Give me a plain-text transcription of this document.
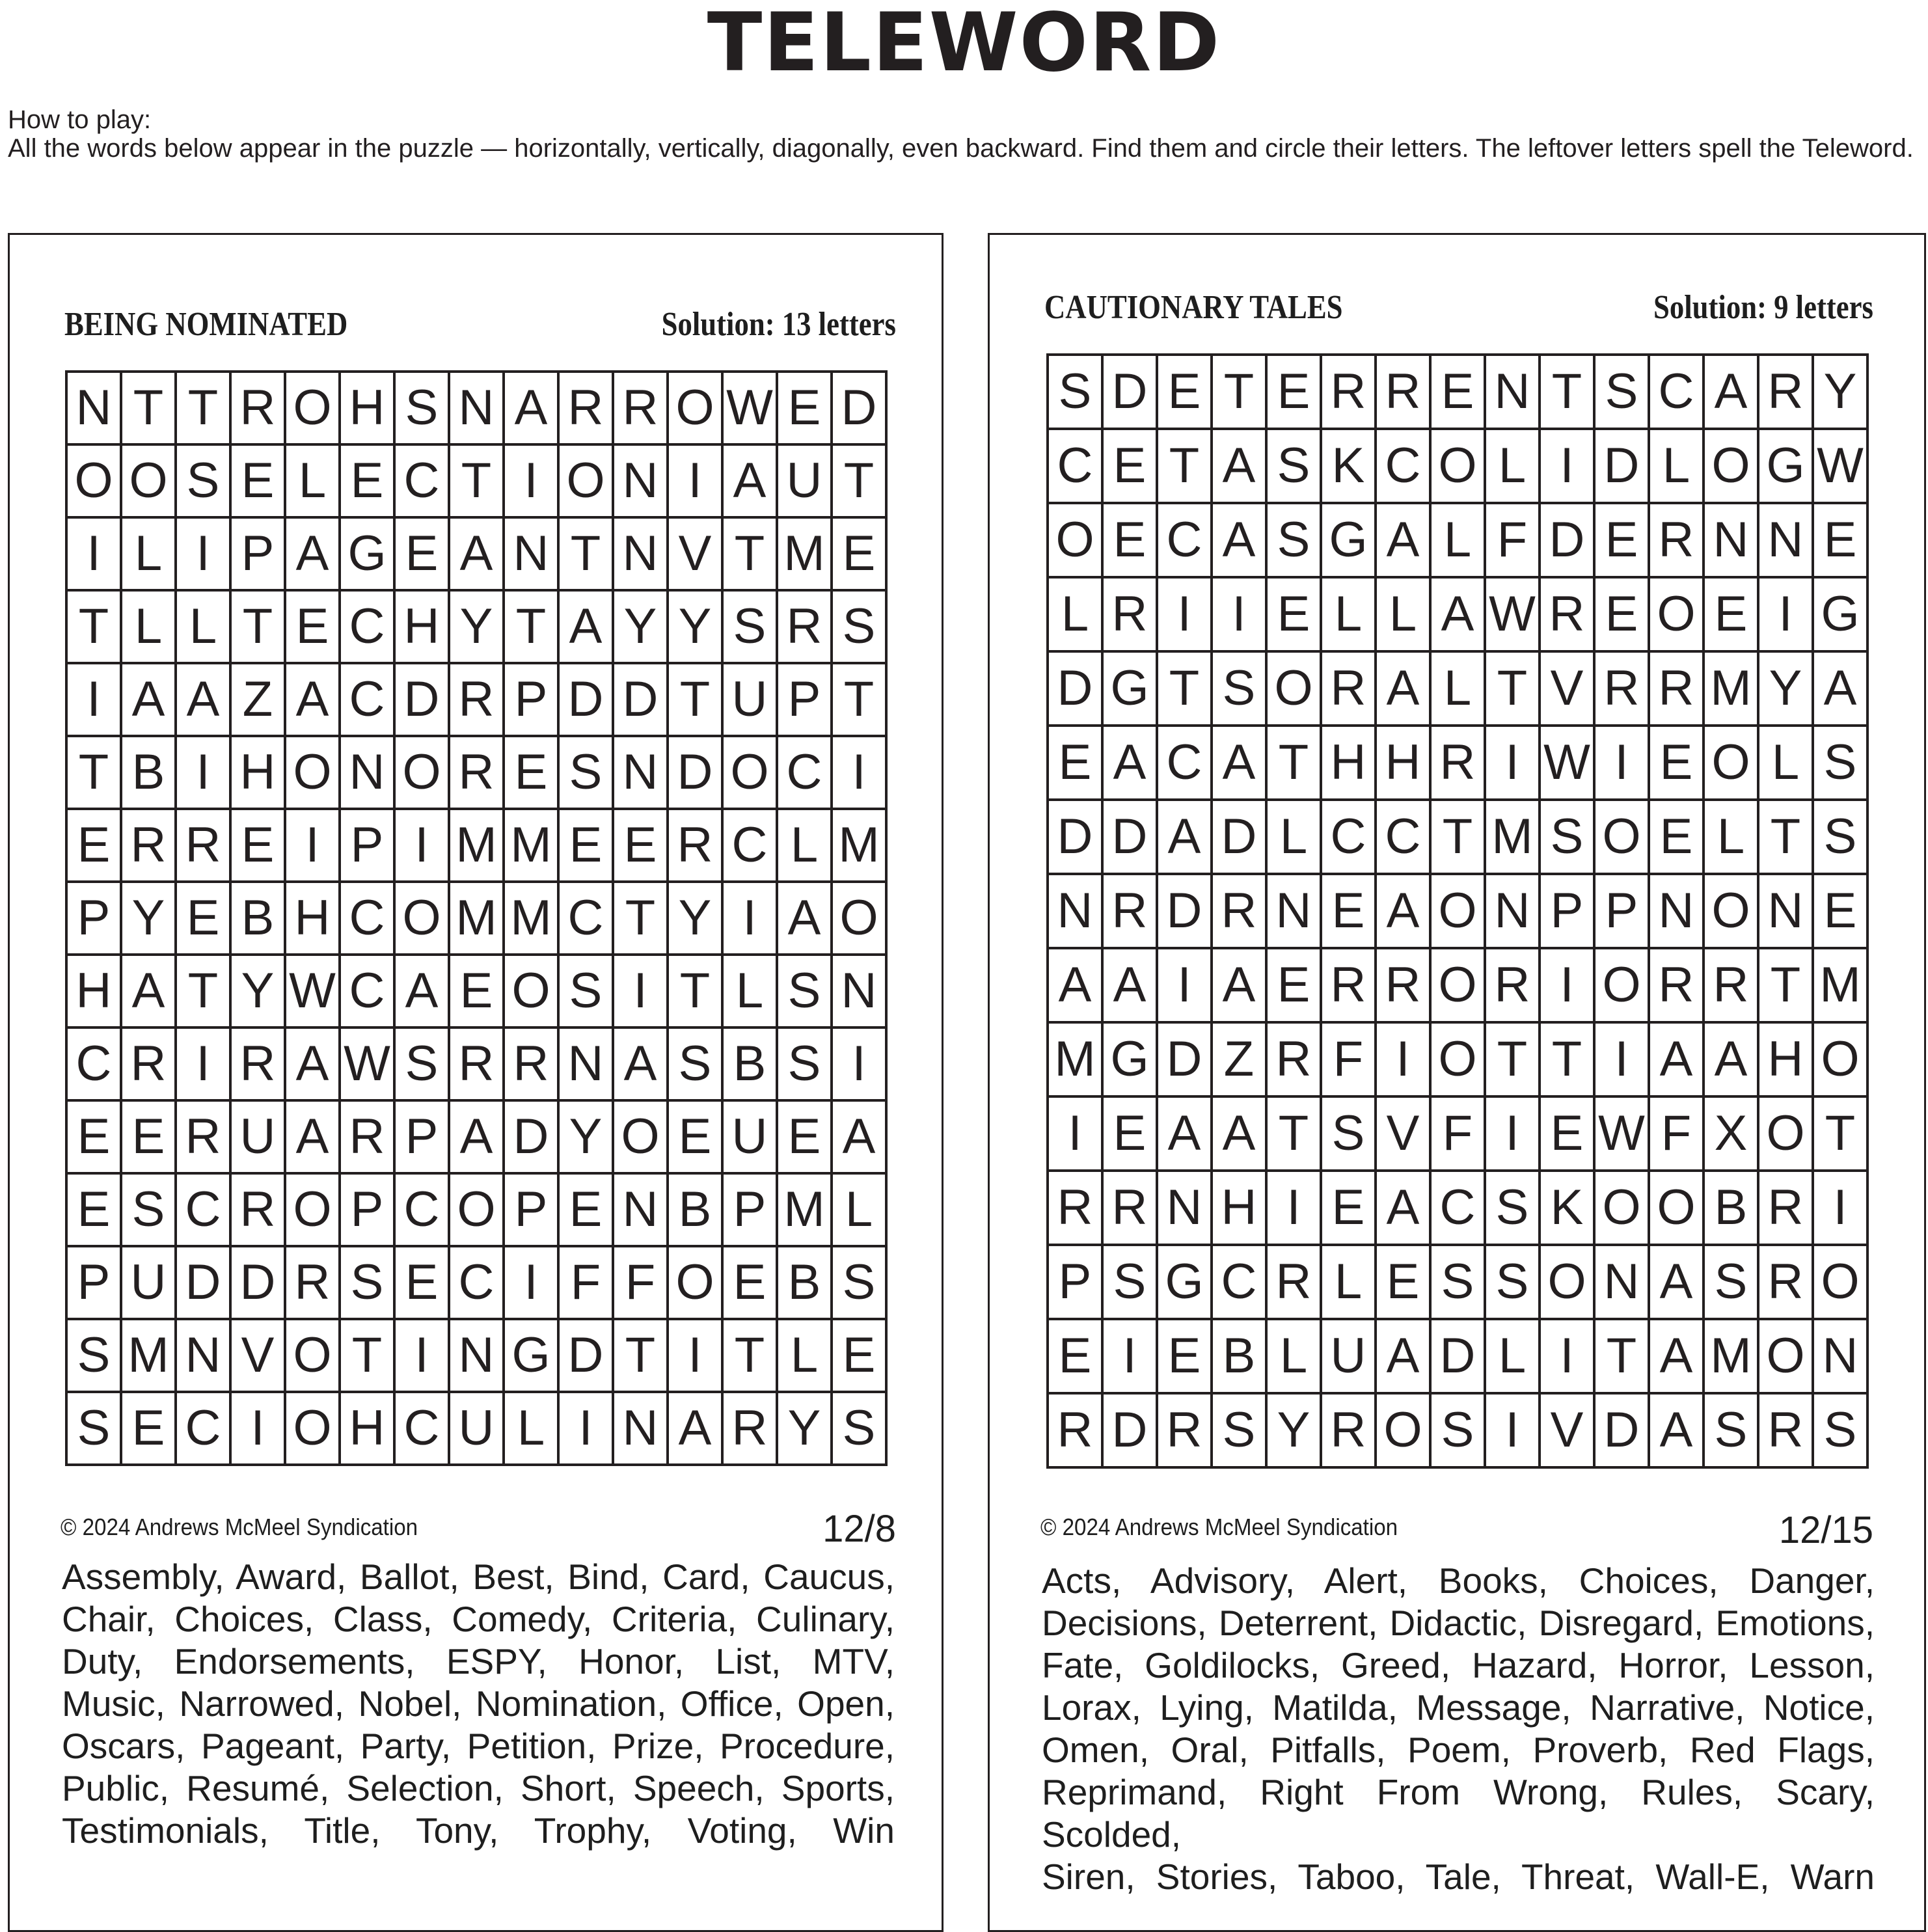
TELEWORD
How to play:
All the words below appear in the puzzle — horizontally, vertically, diagonally, even backward. Find them and circle their letters. The leftover letters spell the Teleword.
BEING NOMINATED	Solution: 13 letters
N	T	T	R	O	H	S	N	A	R	R	O	W	E	D
O	O	S	E	L	E	C	T	I	O	N	I	A	U	T
I	L	I	P	A	G	E	A	N	T	N	V	T	M	E
T	L	L	T	E	C	H	Y	T	A	Y	Y	S	R	S
I	A	A	Z	A	C	D	R	P	D	D	T	U	P	T
T	B	I	H	O	N	O	R	E	S	N	D	O	C	I
E	R	R	E	I	P	I	M	M	E	E	R	C	L	M
P	Y	E	B	H	C	O	M	M	C	T	Y	I	A	O
H	A	T	Y	W	C	A	E	O	S	I	T	L	S	N
C	R	I	R	A	W	S	R	R	N	A	S	B	S	I
E	E	R	U	A	R	P	A	D	Y	O	E	U	E	A
E	S	C	R	O	P	C	O	P	E	N	B	P	M	L
P	U	D	D	R	S	E	C	I	F	F	O	E	B	S
S	M	N	V	O	T	I	N	G	D	T	I	T	L	E
S	E	C	I	O	H	C	U	L	I	N	A	R	Y	S
© 2024 Andrews McMeel Syndication	12/8
Assembly, Award, Ballot, Best, Bind, Card, Caucus,
Chair, Choices, Class, Comedy, Criteria, Culinary,
Duty, Endorsements, ESPY, Honor, List, MTV,
Music, Narrowed, Nobel, Nomination, Office, Open,
Oscars, Pageant, Party, Petition, Prize, Procedure,
Public, Resumé, Selection, Short, Speech, Sports,
Testimonials, Title, Tony, Trophy, Voting, Win
CAUTIONARY TALES	Solution: 9 letters
S	D	E	T	E	R	R	E	N	T	S	C	A	R	Y
C	E	T	A	S	K	C	O	L	I	D	L	O	G	W
O	E	C	A	S	G	A	L	F	D	E	R	N	N	E
L	R	I	I	E	L	L	A	W	R	E	O	E	I	G
D	G	T	S	O	R	A	L	T	V	R	R	M	Y	A
E	A	C	A	T	H	H	R	I	W	I	E	O	L	S
D	D	A	D	L	C	C	T	M	S	O	E	L	T	S
N	R	D	R	N	E	A	O	N	P	P	N	O	N	E
A	A	I	A	E	R	R	O	R	I	O	R	R	T	M
M	G	D	Z	R	F	I	O	T	T	I	A	A	H	O
I	E	A	A	T	S	V	F	I	E	W	F	X	O	T
R	R	N	H	I	E	A	C	S	K	O	O	B	R	I
P	S	G	C	R	L	E	S	S	O	N	A	S	R	O
E	I	E	B	L	U	A	D	L	I	T	A	M	O	N
R	D	R	S	Y	R	O	S	I	V	D	A	S	R	S
© 2024 Andrews McMeel Syndication	12/15
Acts, Advisory, Alert, Books, Choices, Danger,
Decisions, Deterrent, Didactic, Disregard, Emotions,
Fate, Goldilocks, Greed, Hazard, Horror, Lesson,
Lorax, Lying, Matilda, Message, Narrative, Notice,
Omen, Oral, Pitfalls, Poem, Proverb, Red Flags,
Reprimand, Right From Wrong, Rules, Scary, Scolded,
Siren, Stories, Taboo, Tale, Threat, Wall-E, Warn
